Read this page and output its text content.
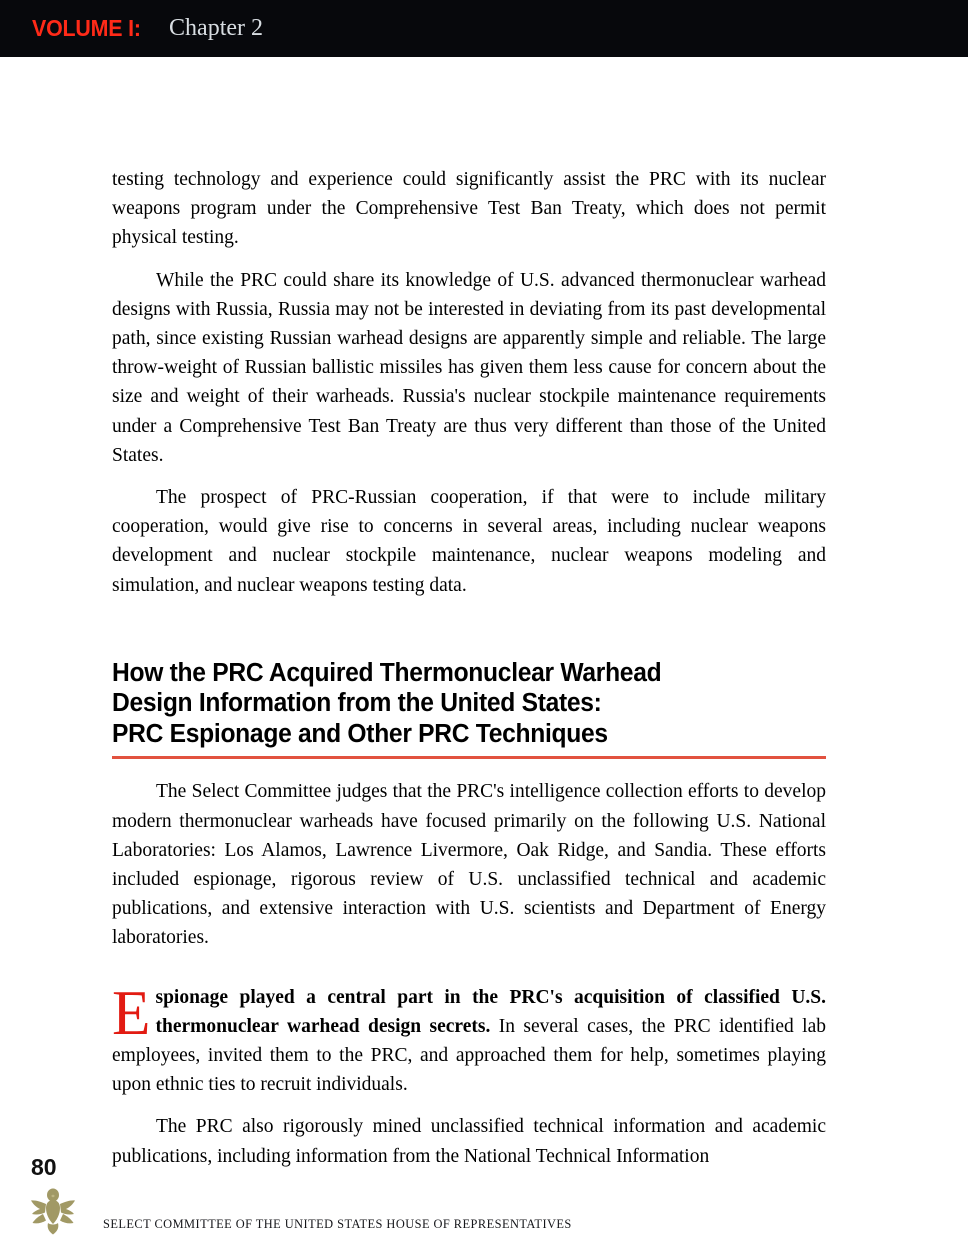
VOLUME I: Chapter 2

testing technology and experience could significantly assist the PRC with its nuclear weapons program under the Comprehensive Test Ban Treaty, which does not permit physical testing.

While the PRC could share its knowledge of U.S. advanced thermonuclear warhead designs with Russia, Russia may not be interested in deviating from its past developmental path, since existing Russian warhead designs are apparently simple and reliable. The large throw-weight of Russian ballistic missiles has given them less cause for concern about the size and weight of their warheads. Russia's nuclear stockpile maintenance requirements under a Comprehensive Test Ban Treaty are thus very different than those of the United States.

The prospect of PRC-Russian cooperation, if that were to include military cooperation, would give rise to concerns in several areas, including nuclear weapons development and nuclear stockpile maintenance, nuclear weapons modeling and simulation, and nuclear weapons testing data.

How the PRC Acquired Thermonuclear Warhead
Design Information from the United States:
PRC Espionage and Other PRC Techniques

The Select Committee judges that the PRC's intelligence collection efforts to develop modern thermonuclear warheads have focused primarily on the following U.S. National Laboratories: Los Alamos, Lawrence Livermore, Oak Ridge, and Sandia. These efforts included espionage, rigorous review of U.S. unclassified technical and academic publications, and extensive interaction with U.S. scientists and Department of Energy laboratories.

Espionage played a central part in the PRC's acquisition of classified U.S. thermonuclear warhead design secrets. In several cases, the PRC identified lab employees, invited them to the PRC, and approached them for help, sometimes playing upon ethnic ties to recruit individuals.

The PRC also rigorously mined unclassified technical information and academic publications, including information from the National Technical Information

80
SELECT COMMITTEE OF THE UNITED STATES HOUSE OF REPRESENTATIVES
